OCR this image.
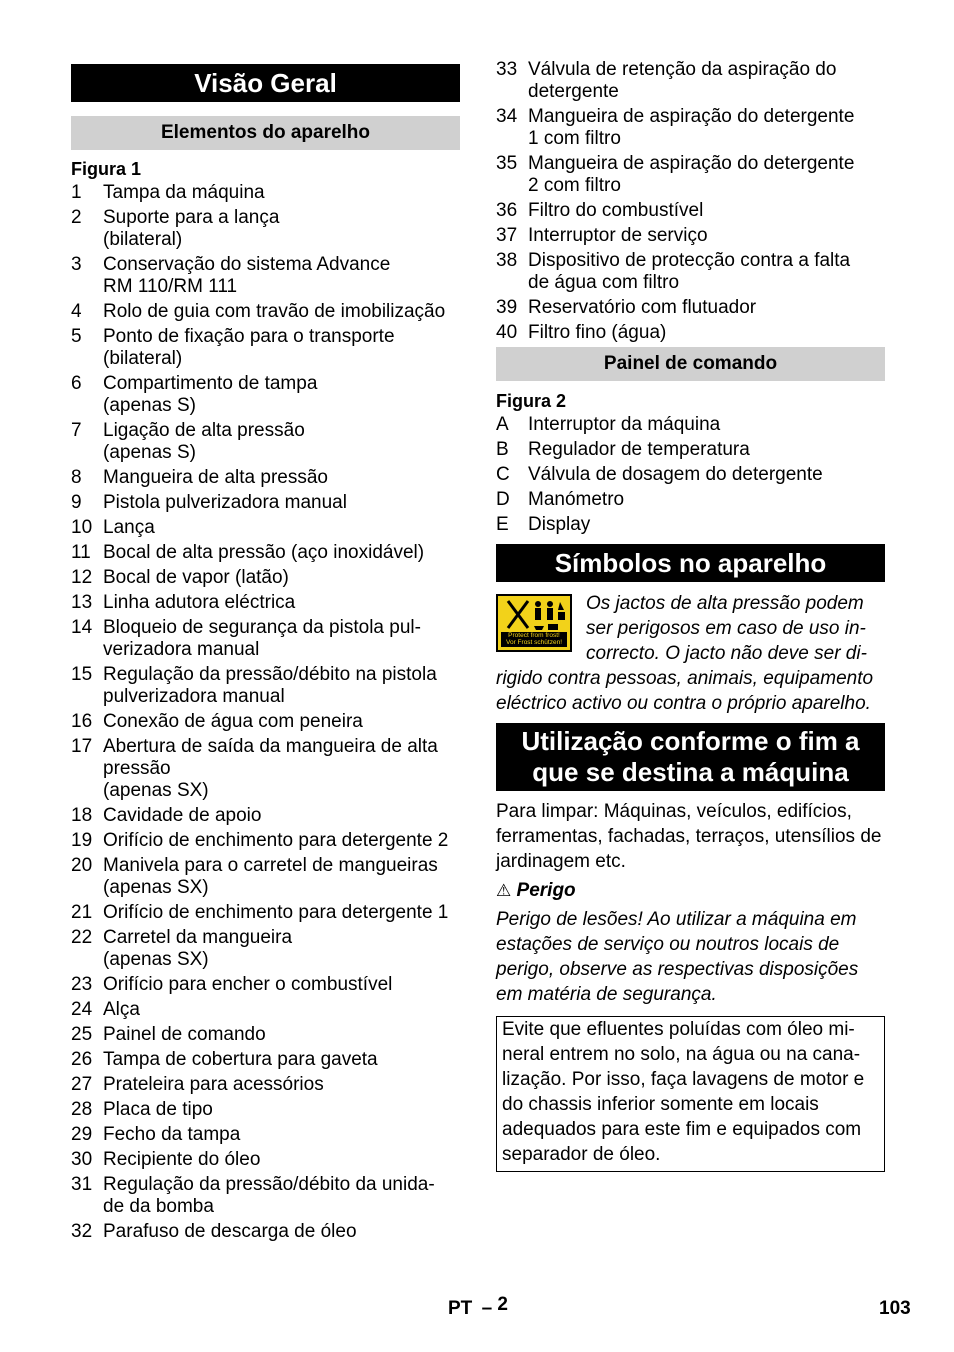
Visão Geral
Elementos do aparelho
Figura 1
1	Tampa da máquina
2	Suporte para a lança
(bilateral)
3	Conservação do sistema Advance
RM 110/RM 111
4	Rolo de guia com travão de imobilização
5	Ponto de fixação para o transporte
(bilateral)
6	Compartimento de tampa
(apenas S)
7	Ligação de alta pressão
(apenas S)
8	Mangueira de alta pressão
9	Pistola pulverizadora manual
10 Lança
11 Bocal de alta pressão (aço inoxidável)
12 Bocal de vapor (latão)
13 Linha adutora eléctrica
14 Bloqueio de segurança da pistola pul-
verizadora manual
15 Regulação da pressão/débito na pistola
pulverizadora manual
16 Conexão de água com peneira
17 Abertura de saída da mangueira de alta
pressão
(apenas SX)
18 Cavidade de apoio
19 Orifício de enchimento para detergente 2
20 Manivela para o carretel de mangueiras
(apenas SX)
21 Orifício de enchimento para detergente 1
22 Carretel da mangueira
(apenas SX)
23 Orifício para encher o combustível
24 Alça
25 Painel de comando
26 Tampa de cobertura para gaveta
27 Prateleira para acessórios
28 Placa de tipo
29 Fecho da tampa
30 Recipiente do óleo
31 Regulação da pressão/débito da unida-
de da bomba
32 Parafuso de descarga de óleo
33 Válvula de retenção da aspiração do
detergente
34 Mangueira de aspiração do detergente
1 com filtro
35 Mangueira de aspiração do detergente
2 com filtro
36 Filtro do combustível
37 Interruptor de serviço
38 Dispositivo de protecção contra a falta
de água com filtro
39 Reservatório com flutuador
40 Filtro fino (água)
Painel de comando
Figura 2
A	Interruptor da máquina
B	Regulador de temperatura
C Válvula de dosagem do detergente
D Manómetro
E	Display
Símbolos no aparelho
Protect from frost!
Vor Frost schützen!
Os jactos de alta pressão podem ser perigosos em caso de uso in-correcto. O jacto não deve ser di-rigido contra pessoas, animais, equipamento eléctrico activo ou contra o próprio aparelho.
Utilização conforme o fim a que se destina a máquina
Para limpar: Máquinas, veículos, edifícios, ferramentas, fachadas, terraços, utensílios de jardinagem etc.
⚠ Perigo
Perigo de lesões! Ao utilizar a máquina em estações de serviço ou noutros locais de perigo, observe as respectivas disposições em matéria de segurança.
Evite que efluentes poluídas com óleo mi-neral entrem no solo, na água ou na cana-lização. Por isso, faça lavagens de motor e do chassis inferior somente em locais adequados para este fim e equipados com separador de óleo.
PT – 2	103
